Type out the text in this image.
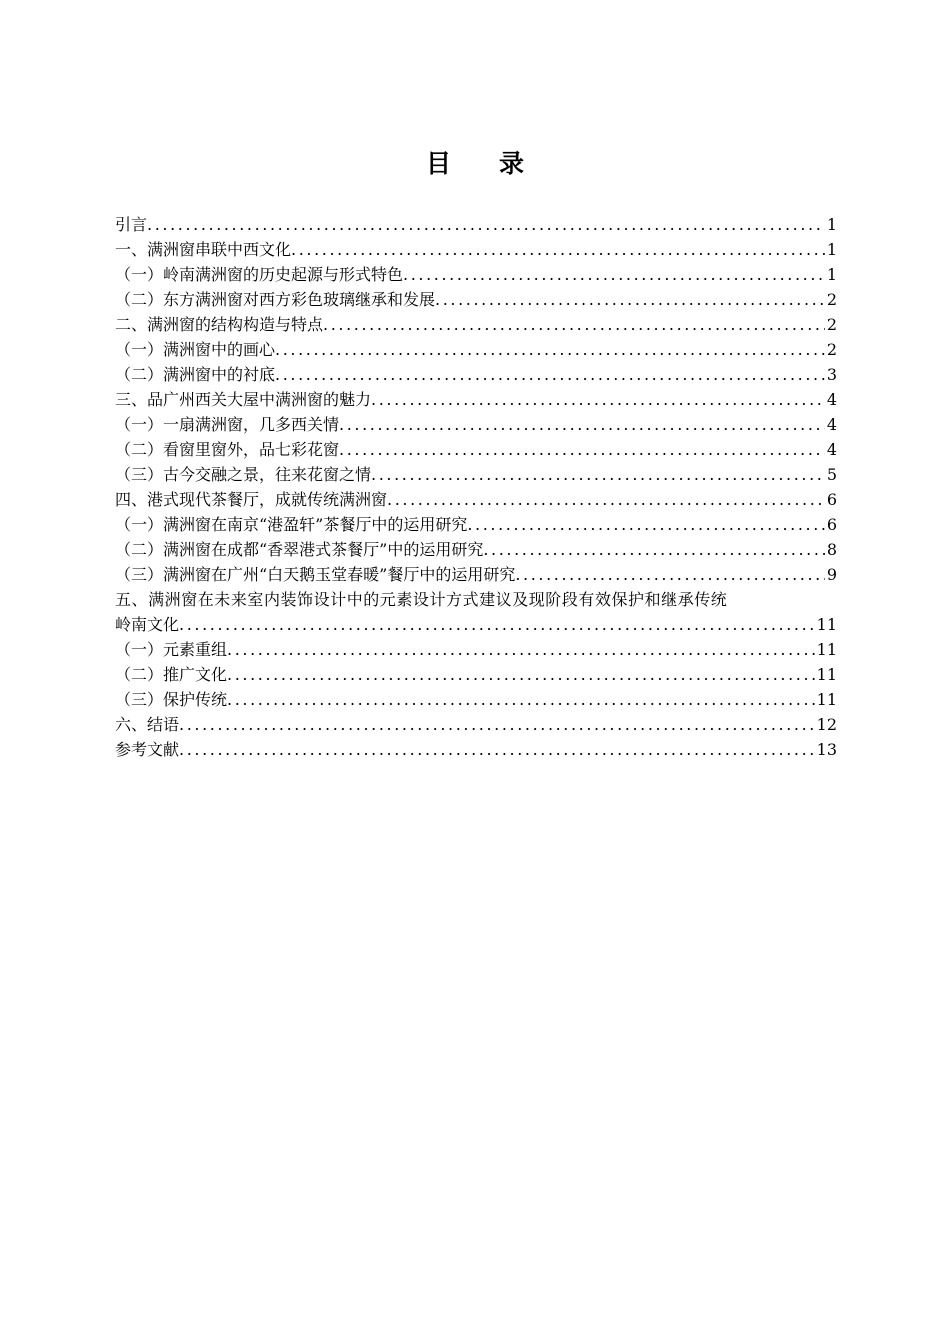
目录
引言 .....	1
一、满洲窗串联中西文化 .....	1
（一）岭南满洲窗的历史起源与形式特色 .....	1
（二）东方满洲窗对西方彩色玻璃继承和发展 .....	2
二、满洲窗的结构构造与特点 .....	2
（一）满洲窗中的画心 .....	2
（二）满洲窗中的衬底 .....	3
三、品广州西关大屋中满洲窗的魅力 .....	4
（一）一扇满洲窗，几多西关情 .....	4
（二）看窗里窗外，品七彩花窗 .....	4
（三）古今交融之景，往来花窗之情 .....	5
四、港式现代茶餐厅，成就传统满洲窗 .....	6
（一）满洲窗在南京“港盈轩”茶餐厅中的运用研究 .....	6
（二）满洲窗在成都“香翠港式茶餐厅”中的运用研究 .....	8
（三）满洲窗在广州“白天鹅玉堂春暖”餐厅中的运用研究 .....	9
五、满洲窗在未来室内装饰设计中的元素设计方式建议及现阶段有效保护和继承传统
岭南文化 .....	11
（一）元素重组 .....	11
（二）推广文化 .....	11
（三）保护传统 .....	11
六、结语 .....	12
参考文献 .....	13
